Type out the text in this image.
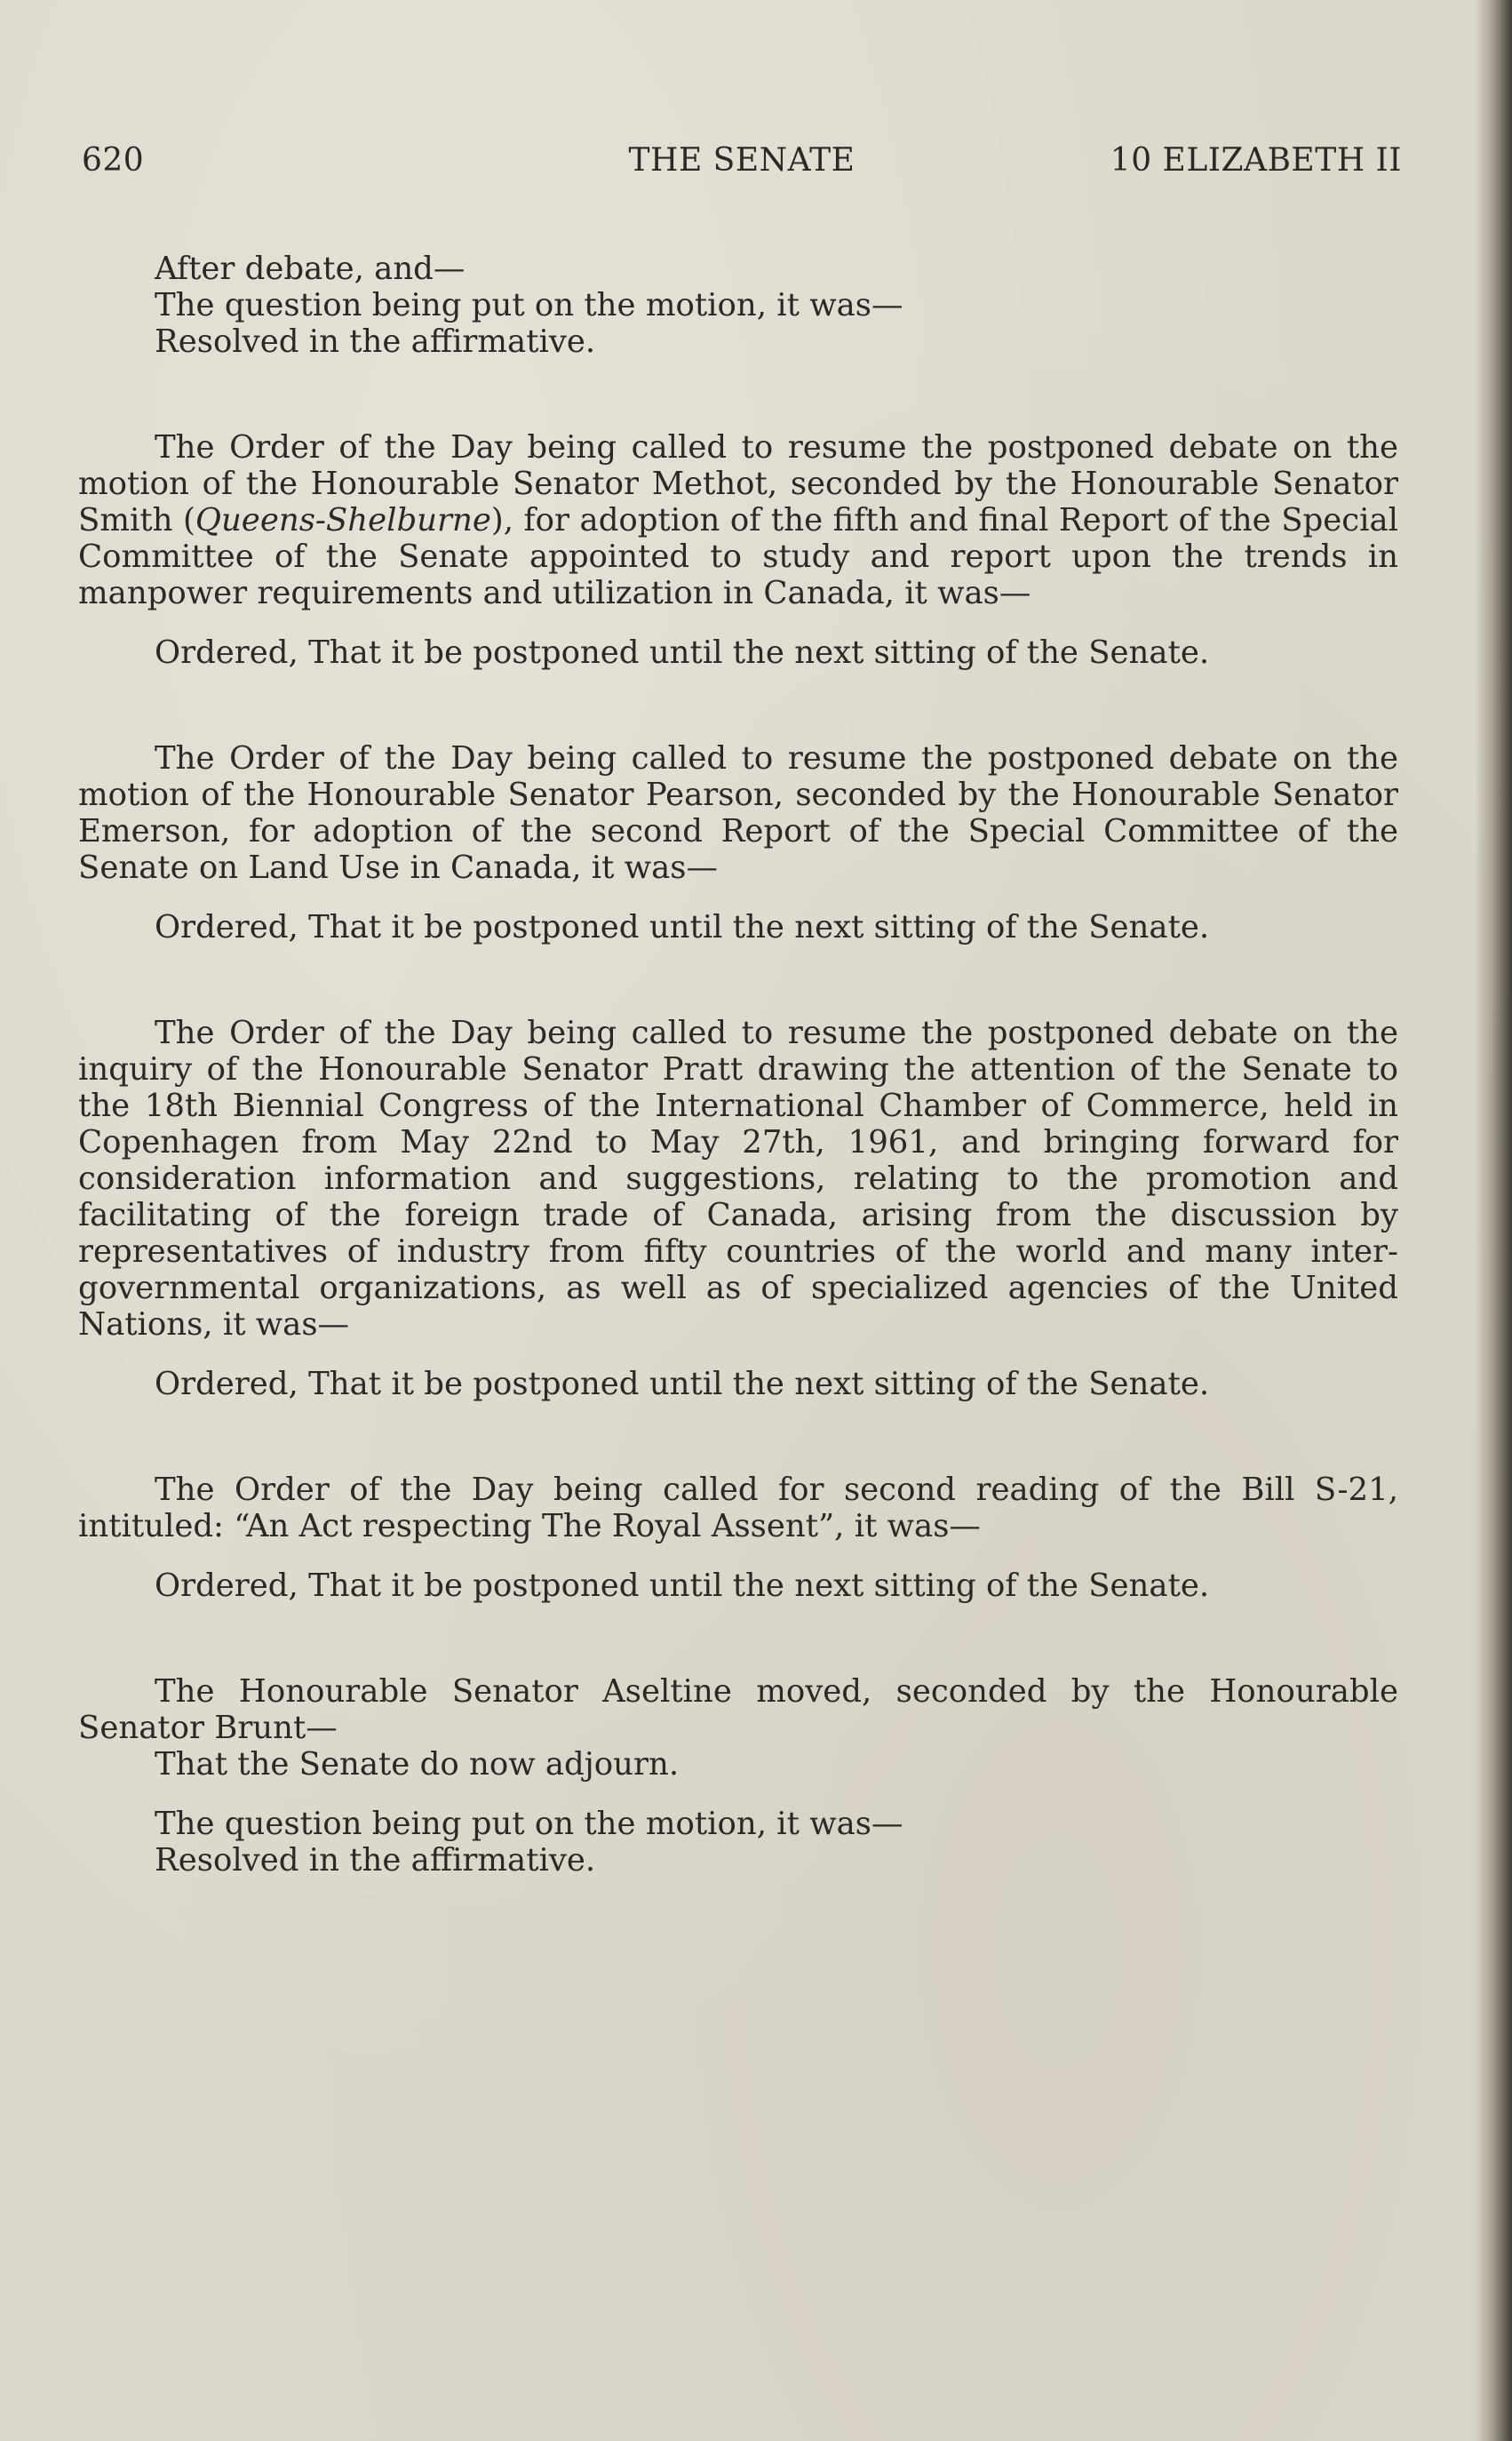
620	THE SENATE	10 ELIZABETH II

After debate, and—

The question being put on the motion, it was—

Resolved in the affirmative.

The Order of the Day being called to resume the postponed debate on the motion of the Honourable Senator Methot, seconded by the Honourable Senator Smith (Queens-Shelburne), for adoption of the fifth and final Report of the Special Committee of the Senate appointed to study and report upon the trends in manpower requirements and utilization in Canada, it was—

Ordered, That it be postponed until the next sitting of the Senate.

The Order of the Day being called to resume the postponed debate on the motion of the Honourable Senator Pearson, seconded by the Honourable Senator Emerson, for adoption of the second Report of the Special Committee of the Senate on Land Use in Canada, it was—

Ordered, That it be postponed until the next sitting of the Senate.

The Order of the Day being called to resume the postponed debate on the inquiry of the Honourable Senator Pratt drawing the attention of the Senate to the 18th Biennial Congress of the International Chamber of Commerce, held in Copenhagen from May 22nd to May 27th, 1961, and bringing forward for consideration information and suggestions, relating to the promotion and facilitating of the foreign trade of Canada, arising from the discussion by representatives of industry from fifty countries of the world and many inter-governmental organizations, as well as of specialized agencies of the United Nations, it was—

Ordered, That it be postponed until the next sitting of the Senate.

The Order of the Day being called for second reading of the Bill S-21, intituled: “An Act respecting The Royal Assent”, it was—

Ordered, That it be postponed until the next sitting of the Senate.

The Honourable Senator Aseltine moved, seconded by the Honourable Senator Brunt—

That the Senate do now adjourn.

The question being put on the motion, it was—

Resolved in the affirmative.
